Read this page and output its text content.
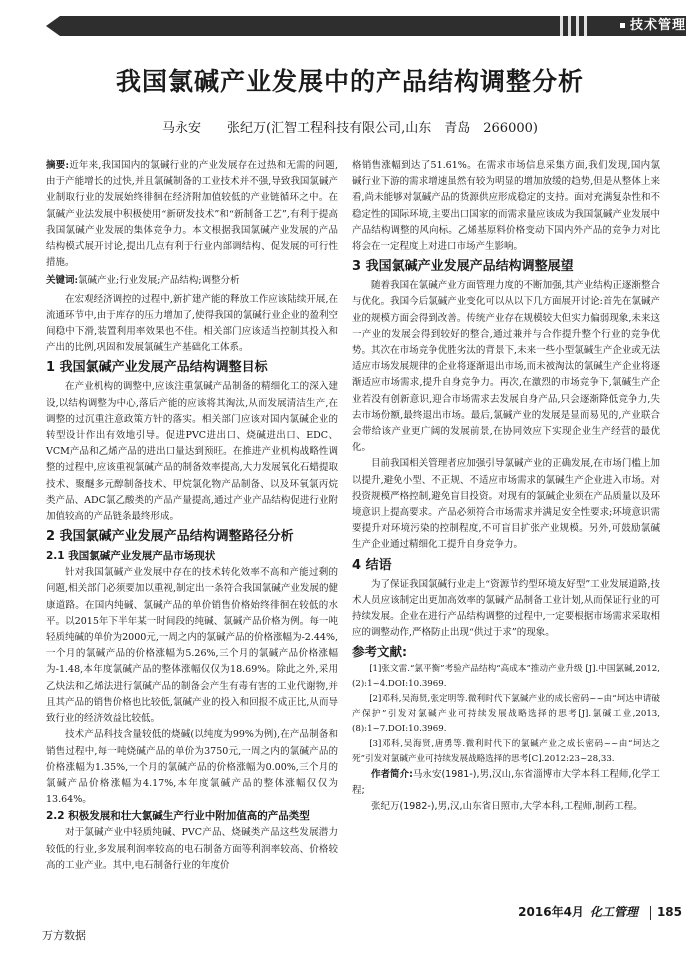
技术管理
我国氯碱产业发展中的产品结构调整分析
马永安　　张纪万(汇智工程科技有限公司,山东　青岛　266000)

摘要:近年来,我国国内的氯碱行业的产业发展存在过热和无需的问题,由于产能增长的过快,并且氯碱制备的工业技术并不强,导致我国氯碱产业制取行业的发展始终徘徊在经济附加值较低的产业链循环之中。在氯碱产业法发展中积极使用“新研发技术”和“新制备工艺”,有利于提高我国氯碱产业发展的集体竞争力。本文根据我国氯碱产业发展的产品结构模式展开讨论,提出几点有利于行业内部调结构、促发展的可行性措施。

关键词:氯碱产业;行业发展;产品结构;调整分析

在宏观经济调控的过程中,新扩建产能的释放工作应该陆续开展,在流通环节中,由于库存的压力增加了,使得我国的氯碱行业企业的盈利空间稳中下滑,装置利用率效果也不佳。相关部门应该适当控制其投入和产出的比例,巩固和发展氯碱生产基础化工体系。

1 我国氯碱产业发展产品结构调整目标

在产业机构的调整中,应该注重氯碱产品制备的精细化工的深入建设,以结构调整为中心,落后产能的应该将其淘汰,从而发展清洁生产,在调整的过沉重注意政策方针的落实。相关部门应该对国内氯碱企业的转型设计作出有效地引导。促进PVC进出口、烧碱进出口、EDC、VCM产品和乙烯产品的进出口量达到预旺。在推进产业机构战略性调整的过程中,应该重视氯碱产品的制备效率提高,大力发展氧化石蜡提取技术、聚醚多元醇制备技术、甲烷氯化物产品制备、以及环氧氯丙烷类产品、ADC氯乙酸类的产品产量提高,通过产业产品结构促进行业附加值较高的产品链条最终形成。

2 我国氯碱产业发展产品结构调整路径分析
2.1 我国氯碱产业发展产品市场现状

针对我国氯碱产业发展中存在的技术转化效率不高和产能过剩的问题,相关部门必须要加以重视,制定出一条符合我国氯碱产业发展的健康道路。在国内纯碱、氯碱产品的单价销售价格始终徘徊在较低的水平。以2015年下半年某一时间段的纯碱、氯碱产品价格为例。每一吨轻质纯碱的单价为2000元,一周之内的氯碱产品的价格涨幅为-2.44%,一个月的氯碱产品的价格涨幅为5.26%,三个月的氯碱产品价格涨幅为-1.48,本年度氯碱产品的整体涨幅仅仅为18.69%。除此之外,采用乙炔法和乙烯法进行氯碱产品的制备会产生有毒有害的工业代谢物,并且其产品的销售价格也比较低,氯碱产业的投入和回报不成正比,从而导致行业的经济效益比较低。

技术产品科技含量较低的烧碱(以纯度为99%为例),在产品制备和销售过程中,每一吨烧碱产品的单价为3750元,一周之内的氯碱产品的价格涨幅为1.35%,一个月的氯碱产品的价格涨幅为0.00%,三个月的氯碱产品价格涨幅为4.17%,本年度氯碱产品的整体涨幅仅仅为13.64%。

2.2 积极发展和壮大氯碱生产行业中附加值高的产品类型

对于氯碱产业中轻质纯碱、PVC产品、烧碱类产品这些发展潜力较低的行业,多发展利润率较高的电石制备方面等利润率较高、价格较高的工业产业。其中,电石制备行业的年度价

格销售涨幅到达了51.61%。在需求市场信息采集方面,我们发现,国内氯碱行业下游的需求增速虽然有较为明显的增加放缓的趋势,但是从整体上来看,尚未能够对氯碱产品的货源供应形成稳定的支持。面对充满复杂性和不稳定性的国际环境,主要出口国家的而需求量应该成为我国氯碱产业发展中产品结构调整的风向标。乙烯基原料价格变动下国内外产品的竞争力对比将会在一定程度上对进口市场产生影响。

3 我国氯碱产业发展产品结构调整展望

随着我国在氯碱产业方面管理力度的不断加强,其产业结构正逐渐整合与优化。我国今后氯碱产业变化可以从以下几方面展开讨论:首先在氯碱产业的规模方面会得到改善。传统产业存在规模较大但实力偏弱现象,未来这一产业的发展会得到较好的整合,通过兼并与合作提升整个行业的竞争优势。其次在市场竞争优胜劣汰的背景下,未来一些小型氯碱生产企业或无法适应市场发展规律的企业将逐渐退出市场,而未被淘汰的氯碱生产企业将逐渐适应市场需求,提升自身竞争力。再次,在激烈的市场竞争下,氯碱生产企业若没有创新意识,迎合市场需求去发展自身产品,只会逐渐降低竞争力,失去市场份额,最终退出市场。最后,氯碱产业的发展是显而易见的,产业联合会带给该产业更广阔的发展前景,在协同效应下实现企业生产经营的最优化。

目前我国相关管理者应加强引导氯碱产业的正确发展,在市场门槛上加以提升,避免小型、不正规、不适应市场需求的氯碱生产企业进入市场。对投资规模严格控制,避免盲目投资。对现有的氯碱企业须在产品质量以及环境意识上提高要求。产品必须符合市场需求并满足安全性要求;环境意识需要提升对环境污染的控制程度,不可盲目扩张产业规模。另外,可鼓励氯碱生产企业通过精细化工提升自身竞争力。

4 结语

为了保证我国氯碱行业走上“资源节约型环境友好型”工业发展道路,技术人员应该制定出更加高效率的氯碱产品制备工业计划,从而保证行业的可持续发展。企业在进行产品结构调整的过程中,一定要根据市场需求采取相应的调整动作,严格防止出现“供过于求”的现象。

参考文献:

[1]张文雷.“氯平衡”考验产品结构“高成本”推动产业升级 [J].中国氯碱,2012,(2):1~4.DOI:10.3969.

[2]邓科,吴海贤,张定明等.微利时代下氯碱产业的成长密码~~由“坷达申请破产保护”引发对氯碱产业可持续发展战略选择的思考[J].氯碱工业,2013,(8):1~7.DOI:10.3969.

[3]邓科,吴海贤,唐勇等.微利时代下的氯碱产业之成长密码~~由“坷达之死”引发对氯碱产业可持续发展战略选择的思考[C].2012:23~28,33.

作者简介:马永安(1981-),男,汉山,东省淄博市大学本科工程师,化学工程;

张纪万(1982-),男,汉,山东省日照市,大学本科,工程师,制药工程。

2016年4月 化工管理 185
万方数据
